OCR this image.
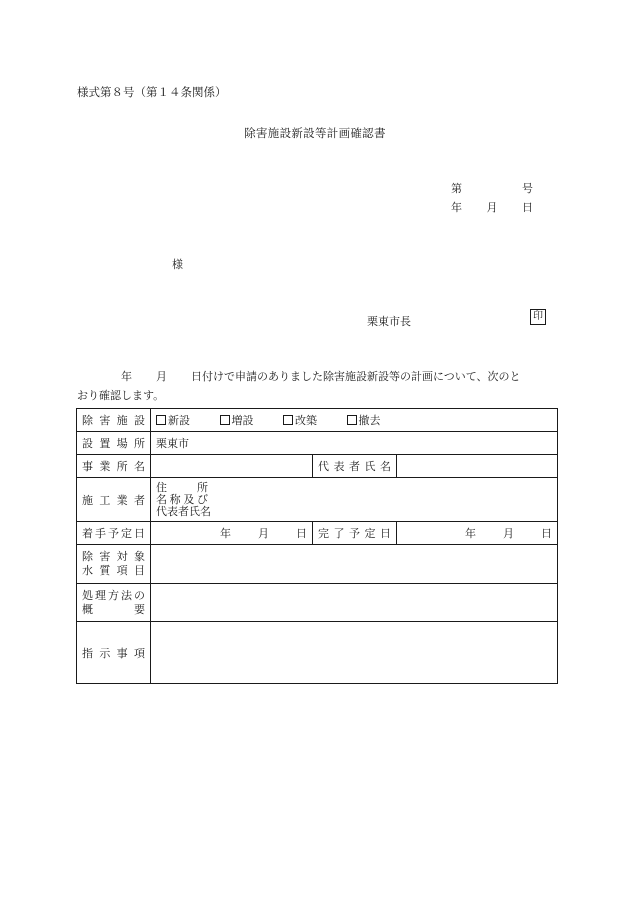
様式第８号（第１４条関係）
除害施設新設等計画確認書
第	号
年 月 日
様
栗東市長	印
年 月 日付けで申請のありました除害施設新設等の計画について、次のと
おり確認します。
除害施設	新設 増設 改築 撤去		
設置場所	栗東市		
事業所名		代表者氏名	
施工業者	住所
名称及び
代表者氏名		

着手予定日	年 月 日	完了予定日	年 月 日

除害対象
水質項目			

処理方法の
概要			

指示事項			
